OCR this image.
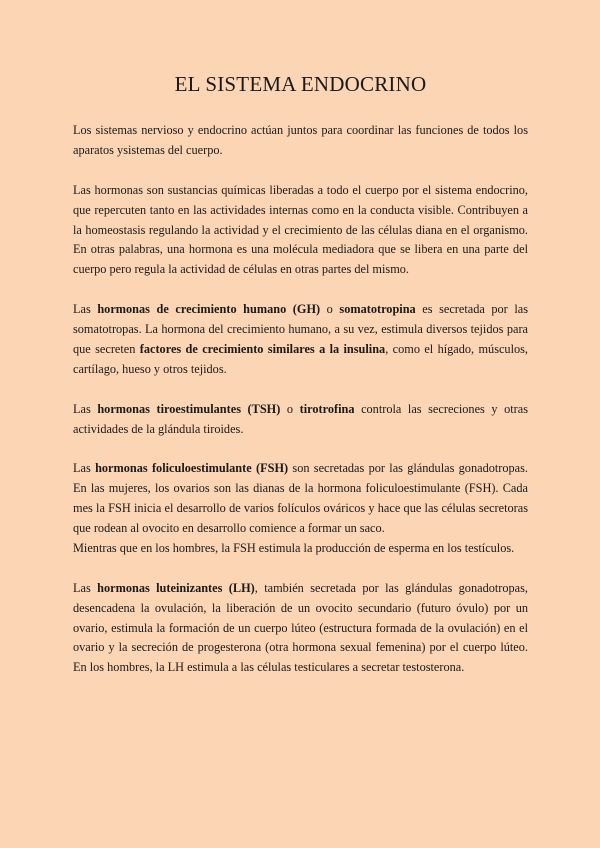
EL SISTEMA ENDOCRINO

Los sistemas nervioso y endocrino actúan juntos para coordinar las funciones de todos los aparatos ysistemas del cuerpo.

Las hormonas son sustancias químicas liberadas a todo el cuerpo por el sistema endocrino, que repercuten tanto en las actividades internas como en la conducta visible. Contribuyen a la homeostasis regulando la actividad y el crecimiento de las células diana en el organismo. En otras palabras, una hormona es una molécula mediadora que se libera en una parte del cuerpo pero regula la actividad de células en otras partes del mismo.

Las hormonas de crecimiento humano (GH) o somatotropina es secretada por las somatotropas. La hormona del crecimiento humano, a su vez, estimula diversos tejidos para que secreten factores de crecimiento similares a la insulina, como el hígado, músculos, cartílago, hueso y otros tejidos.

Las hormonas tiroestimulantes (TSH) o tirotrofina controla las secreciones y otras actividades de la glándula tiroides.

Las hormonas foliculoestimulante (FSH) son secretadas por las glándulas gonadotropas. En las mujeres, los ovarios son las dianas de la hormona foliculoestimulante (FSH). Cada mes la FSH inicia el desarrollo de varios folículos ováricos y hace que las células secretoras que rodean al ovocito en desarrollo comience a formar un saco.

Mientras que en los hombres, la FSH estimula la producción de esperma en los testículos.

Las hormonas luteinizantes (LH), también secretada por las glándulas gonadotropas, desencadena la ovulación, la liberación de un ovocito secundario (futuro óvulo) por un ovario, estimula la formación de un cuerpo lúteo (estructura formada de la ovulación) en el ovario y la secreción de progesterona (otra hormona sexual femenina) por el cuerpo lúteo. En los hombres, la LH estimula a las células testiculares a secretar testosterona.
